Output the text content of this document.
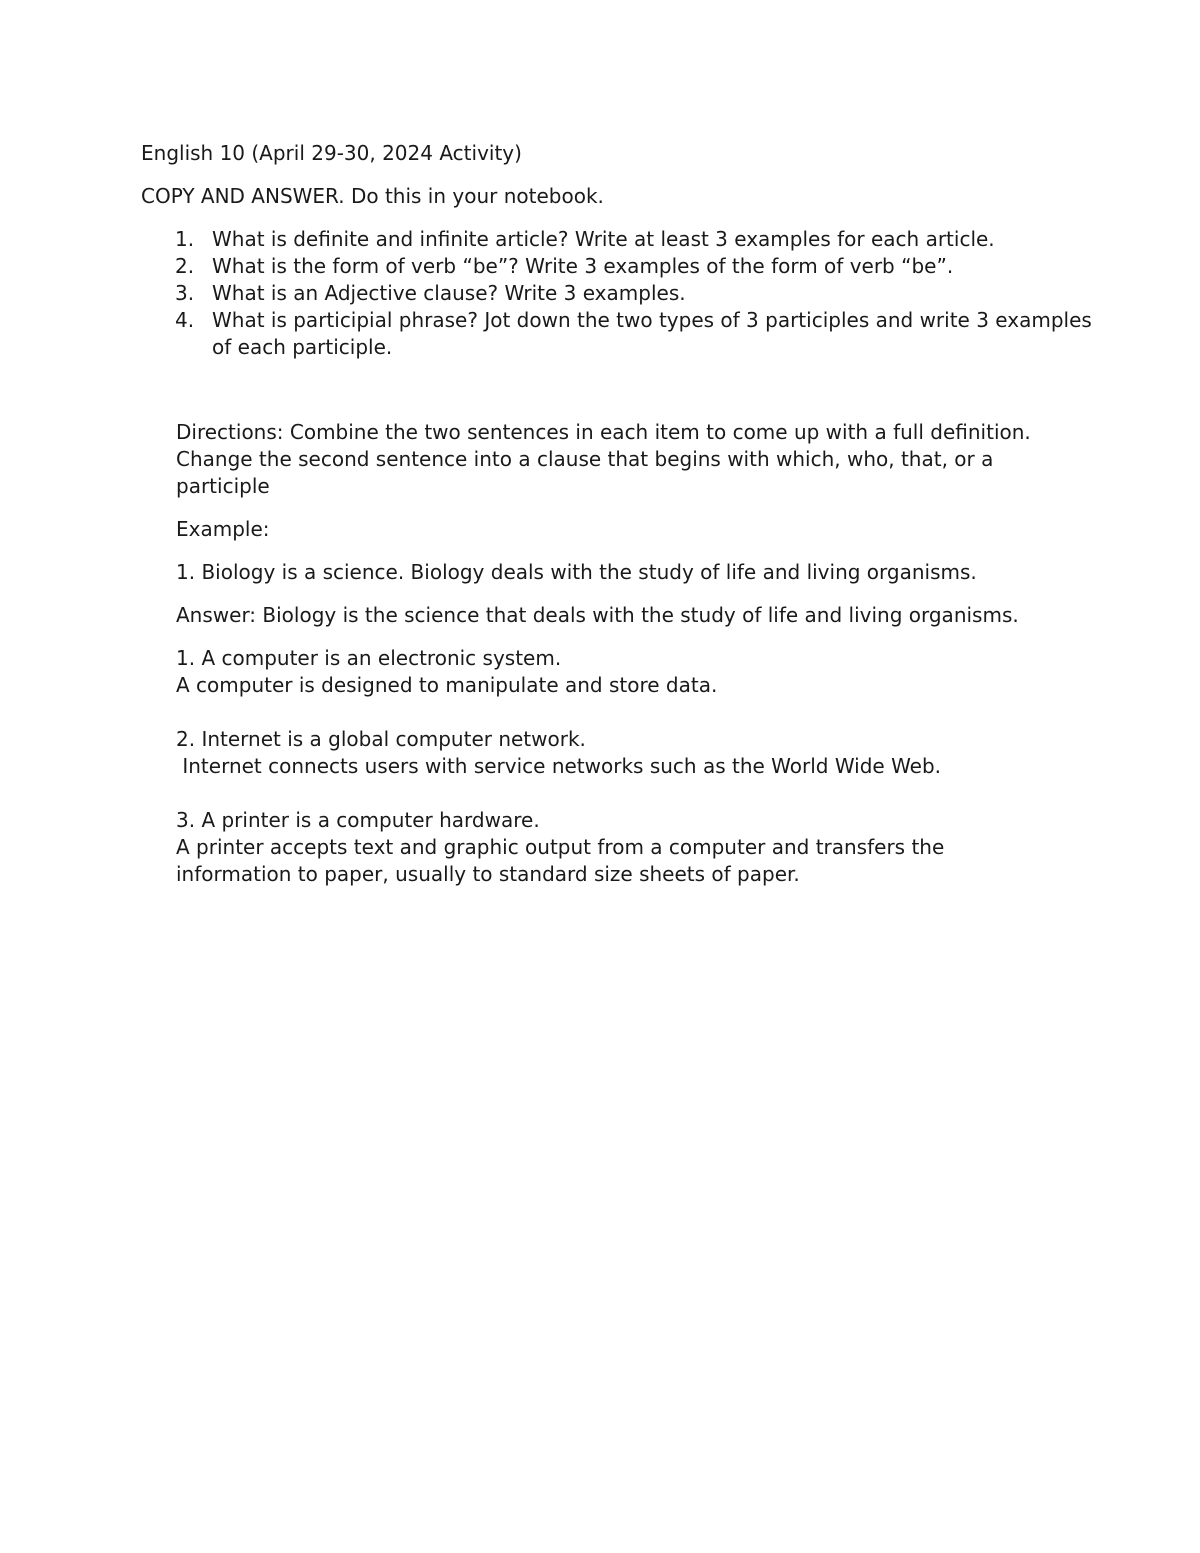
English 10 (April 29-30, 2024 Activity)

COPY AND ANSWER. Do this in your notebook.

1. What is definite and infinite article? Write at least 3 examples for each article.
2. What is the form of verb “be”? Write 3 examples of the form of verb “be”.
3. What is an Adjective clause? Write 3 examples.
4. What is participial phrase? Jot down the two types of 3 participles and write 3 examples of each participle.

Directions: Combine the two sentences in each item to come up with a full definition. Change the second sentence into a clause that begins with which, who, that, or a participle

Example:

1. Biology is a science. Biology deals with the study of life and living organisms.

Answer: Biology is the science that deals with the study of life and living organisms.

1. A computer is an electronic system.
A computer is designed to manipulate and store data.
2. Internet is a global computer network.
Internet connects users with service networks such as the World Wide Web.
3. A printer is a computer hardware.
A printer accepts text and graphic output from a computer and transfers the information to paper, usually to standard size sheets of paper.
